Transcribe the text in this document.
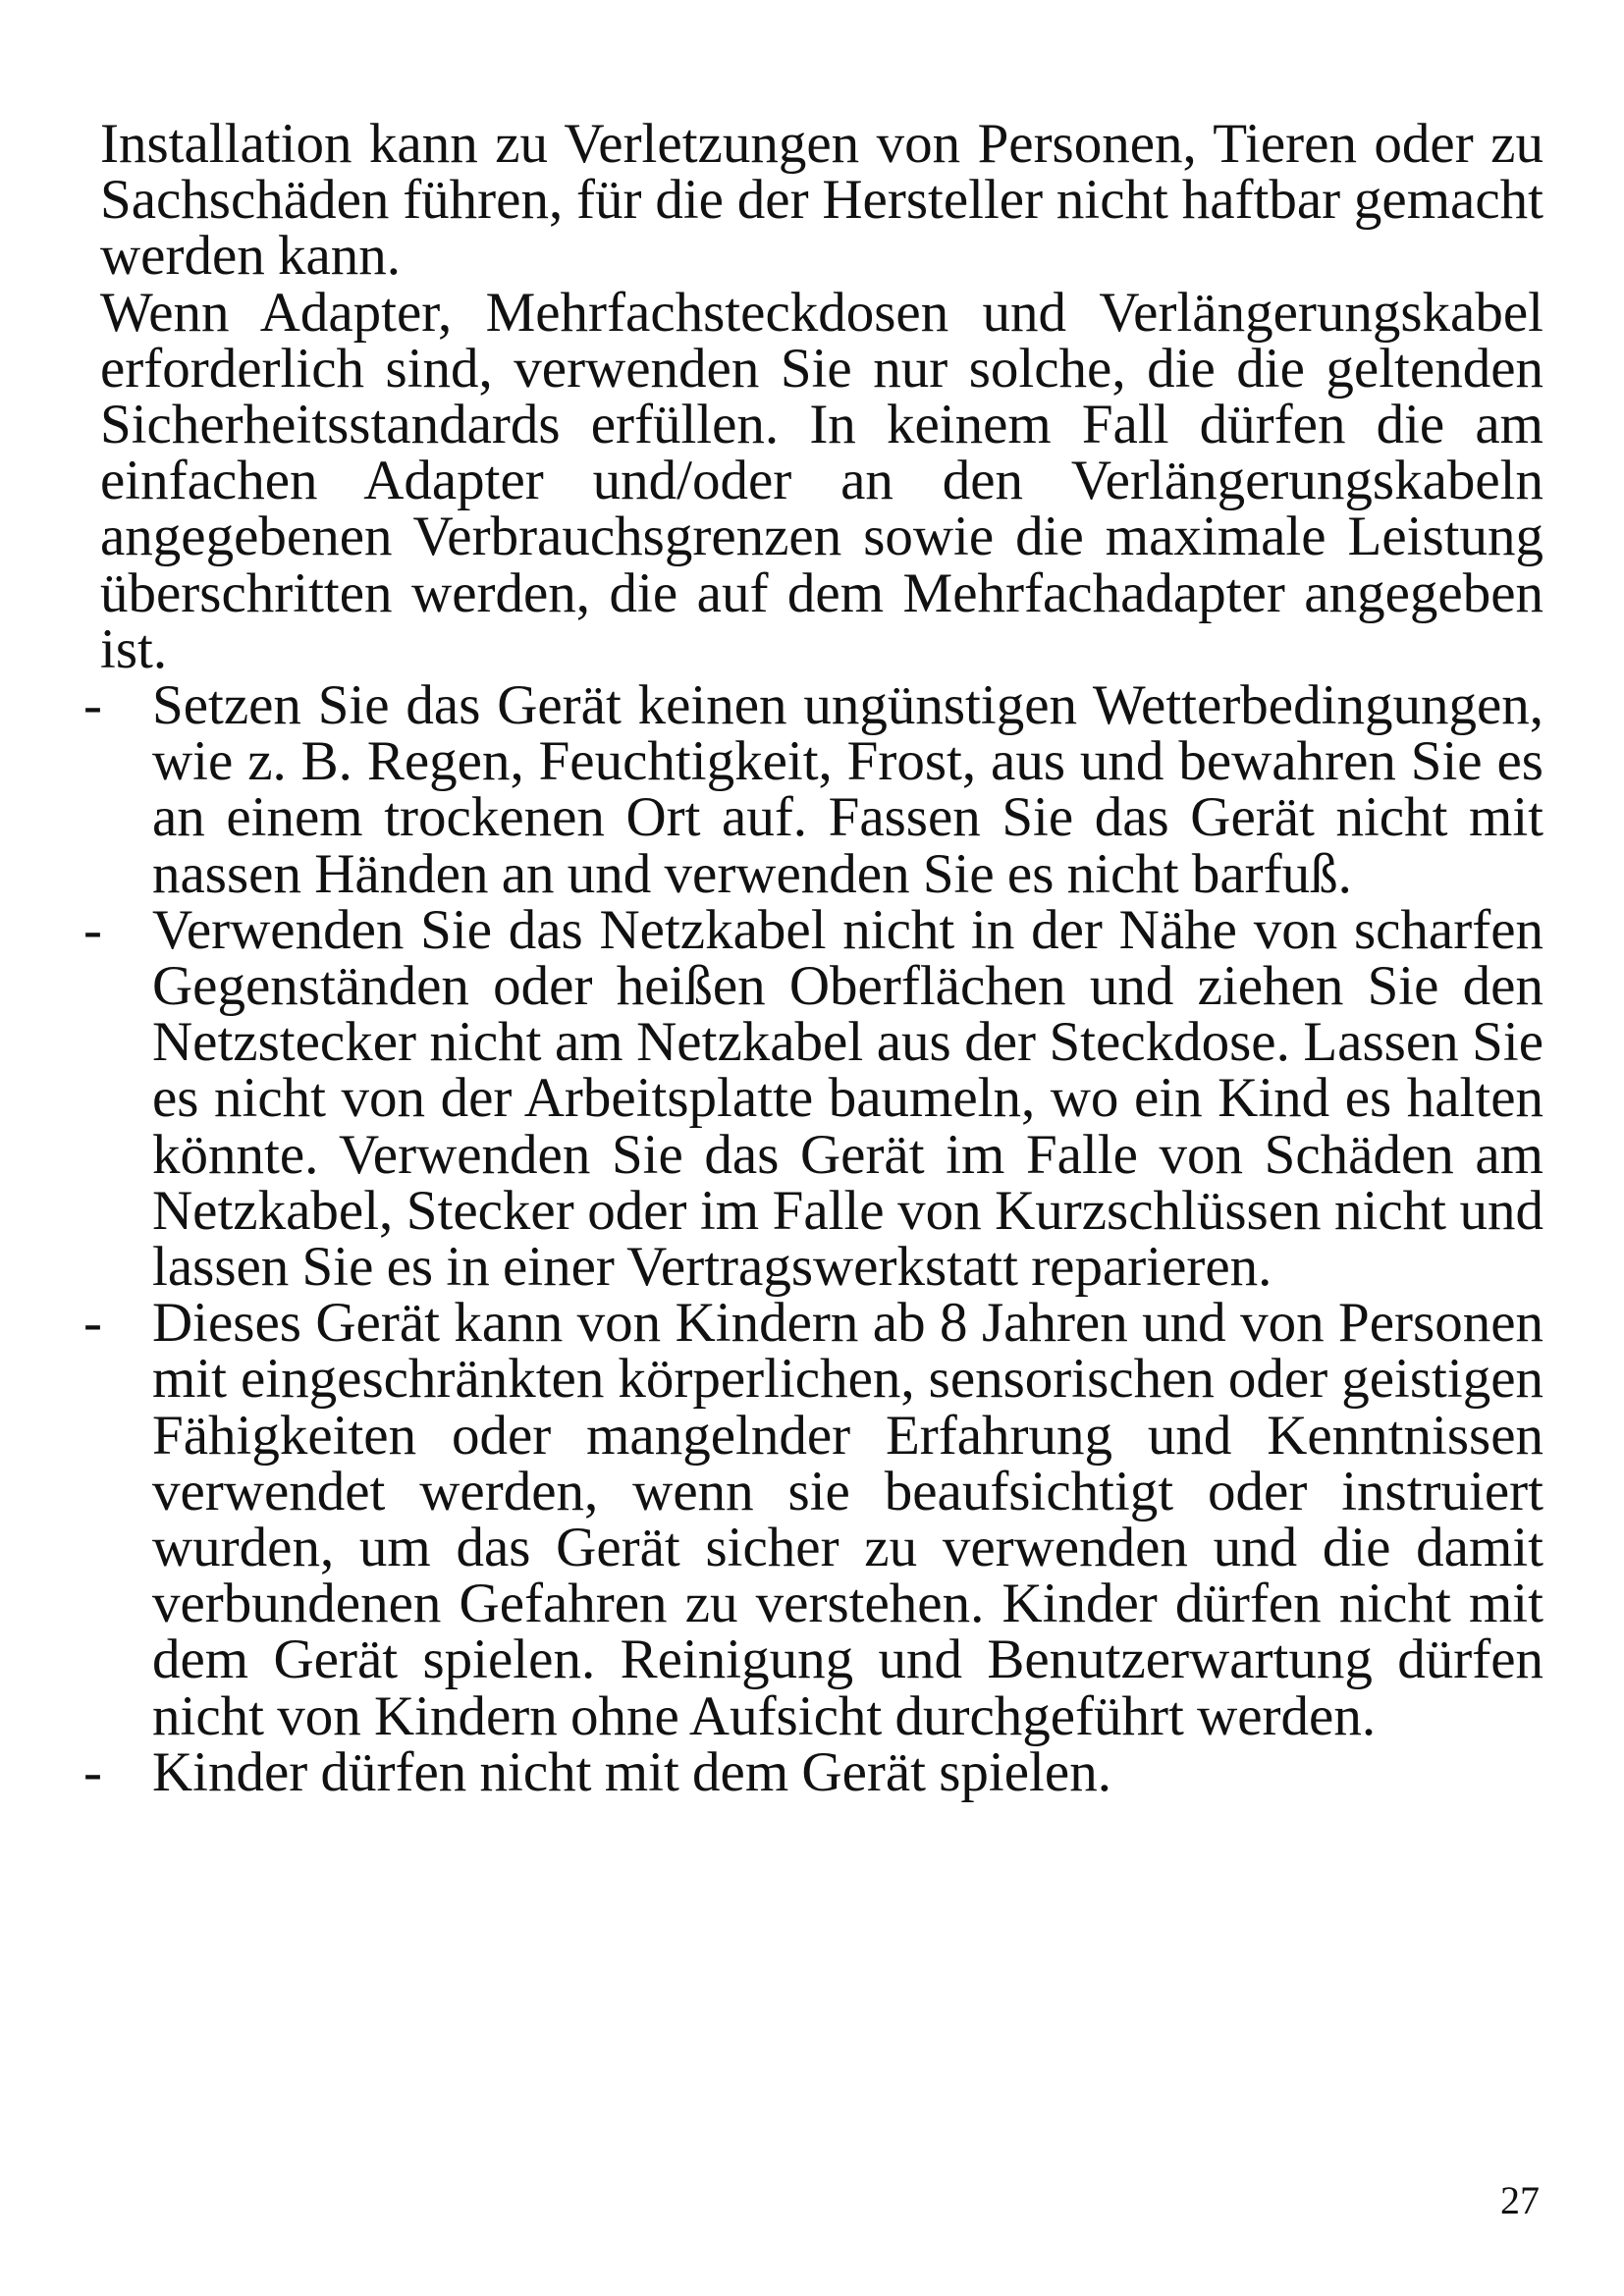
Installation kann zu Verletzungen von Personen, Tieren oder zu Sachschäden führen, für die der Hersteller nicht haftbar gemacht werden kann.

Wenn Adapter, Mehrfachsteckdosen und Verlängerungskabel erforderlich sind, verwenden Sie nur solche, die die geltenden Sicherheitsstandards erfüllen. In keinem Fall dürfen die am einfachen Adapter und/oder an den Verlängerungskabeln angegebenen Verbrauchsgrenzen sowie die maximale Leistung überschritten werden, die auf dem Mehrfachadapter angegeben ist.

- Setzen Sie das Gerät keinen ungünstigen Wetterbedingungen, wie z. B. Regen, Feuchtigkeit, Frost, aus und bewahren Sie es an einem trockenen Ort auf. Fassen Sie das Gerät nicht mit nassen Händen an und verwenden Sie es nicht barfuß.
- Verwenden Sie das Netzkabel nicht in der Nähe von scharfen Gegenständen oder heißen Oberflächen und ziehen Sie den Netzstecker nicht am Netzkabel aus der Steckdose. Lassen Sie es nicht von der Arbeitsplatte baumeln, wo ein Kind es halten könnte. Verwenden Sie das Gerät im Falle von Schäden am Netzkabel, Stecker oder im Falle von Kurzschlüssen nicht und lassen Sie es in einer Vertragswerkstatt reparieren.
- Dieses Gerät kann von Kindern ab 8 Jahren und von Personen mit eingeschränkten körperlichen, sensorischen oder geistigen Fähigkeiten oder mangelnder Erfahrung und Kenntnissen verwendet werden, wenn sie beaufsichtigt oder instruiert wurden, um das Gerät sicher zu verwenden und die damit verbundenen Gefahren zu verstehen. Kinder dürfen nicht mit dem Gerät spielen. Reinigung und Benutzerwartung dürfen nicht von Kindern ohne Aufsicht durchgeführt werden.
- Kinder dürfen nicht mit dem Gerät spielen.
27
